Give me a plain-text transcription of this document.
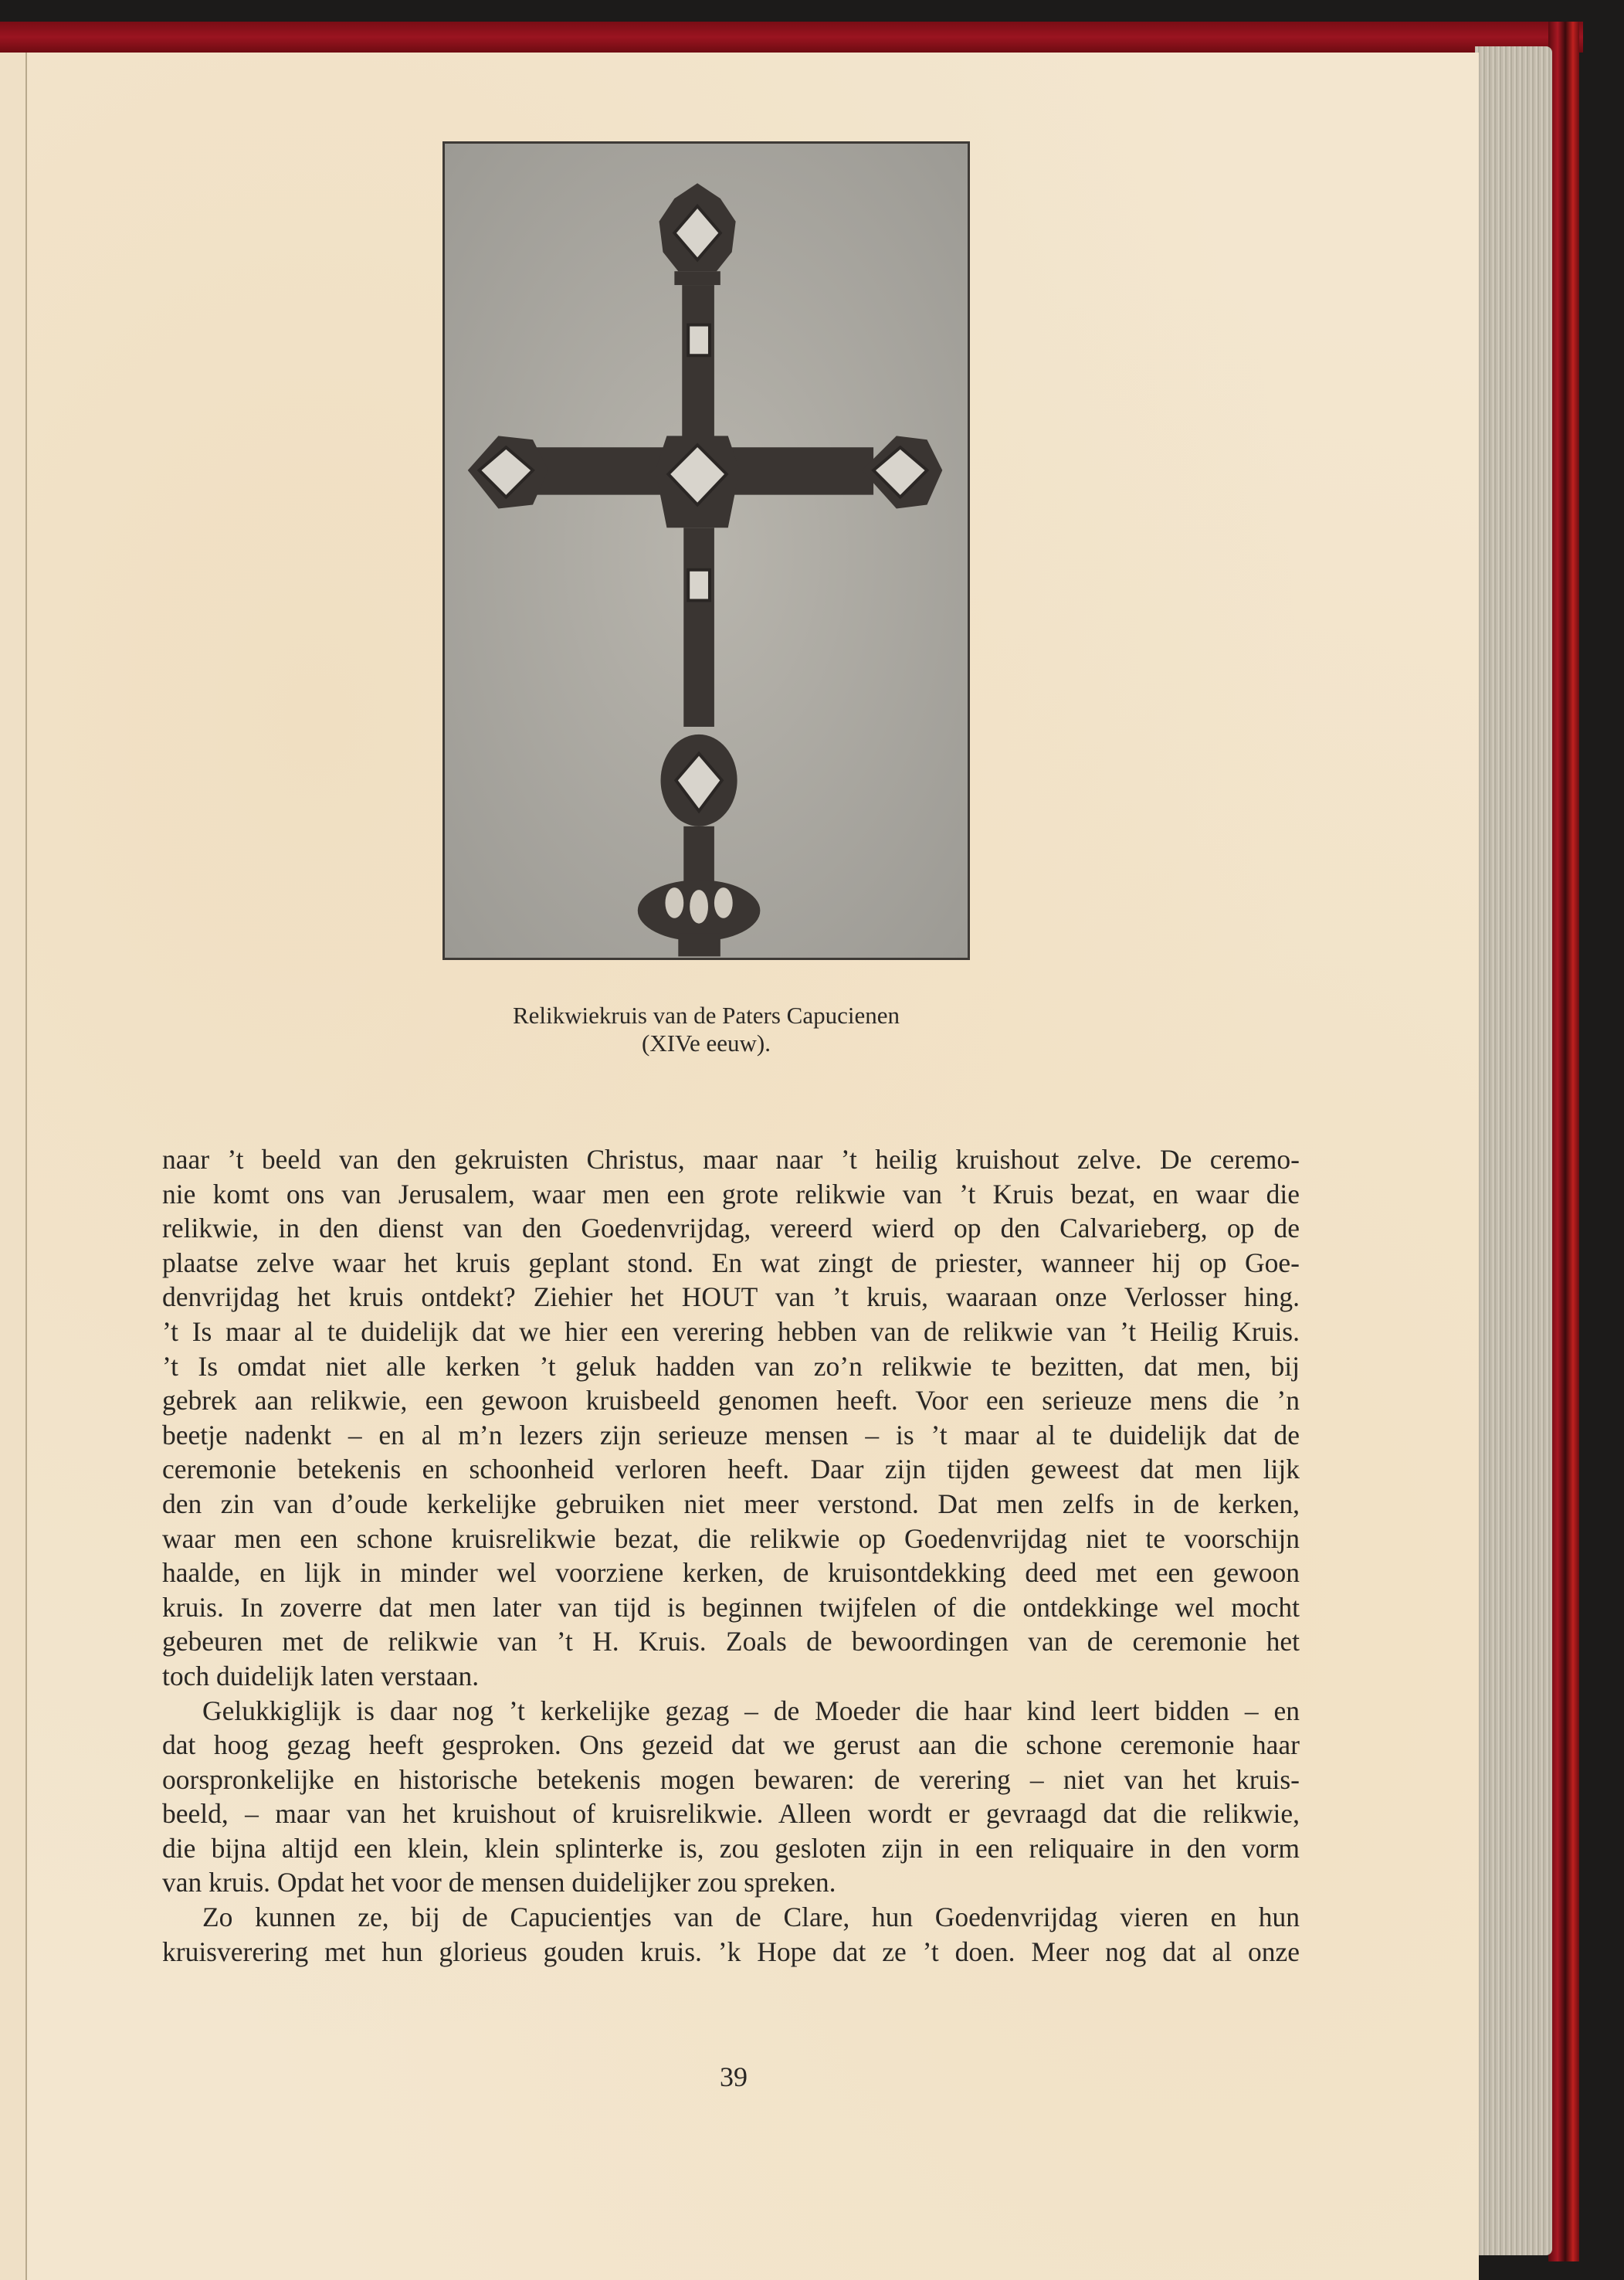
Relikwiekruis van de Paters Capucienen
(XIVe eeuw).
naar ’t beeld van den gekruisten Christus, maar naar ’t heilig kruishout zelve. De ceremo-
nie komt ons van Jerusalem, waar men een grote relikwie van ’t Kruis bezat, en waar die
relikwie, in den dienst van den Goedenvrijdag, vereerd wierd op den Calvarieberg, op de
plaatse zelve waar het kruis geplant stond. En wat zingt de priester, wanneer hij op Goe-
denvrijdag het kruis ontdekt? Ziehier het HOUT van ’t kruis, waaraan onze Verlosser hing.
’t Is maar al te duidelijk dat we hier een verering hebben van de relikwie van ’t Heilig Kruis.
’t Is omdat niet alle kerken ’t geluk hadden van zo’n relikwie te bezitten, dat men, bij
gebrek aan relikwie, een gewoon kruisbeeld genomen heeft. Voor een serieuze mens die ’n
beetje nadenkt – en al m’n lezers zijn serieuze mensen – is ’t maar al te duidelijk dat de
ceremonie betekenis en schoonheid verloren heeft. Daar zijn tijden geweest dat men lijk
den zin van d’oude kerkelijke gebruiken niet meer verstond. Dat men zelfs in de kerken,
waar men een schone kruisrelikwie bezat, die relikwie op Goedenvrijdag niet te voorschijn
haalde, en lijk in minder wel voorziene kerken, de kruisontdekking deed met een gewoon
kruis. In zoverre dat men later van tijd is beginnen twijfelen of die ontdekkinge wel mocht
gebeuren met de relikwie van ’t H. Kruis. Zoals de bewoordingen van de ceremonie het
toch duidelijk laten verstaan.
Gelukkiglijk is daar nog ’t kerkelijke gezag – de Moeder die haar kind leert bidden – en
dat hoog gezag heeft gesproken. Ons gezeid dat we gerust aan die schone ceremonie haar
oorspronkelijke en historische betekenis mogen bewaren: de verering – niet van het kruis-
beeld, – maar van het kruishout of kruisrelikwie. Alleen wordt er gevraagd dat die relikwie,
die bijna altijd een klein, klein splinterke is, zou gesloten zijn in een reliquaire in den vorm
van kruis. Opdat het voor de mensen duidelijker zou spreken.
Zo kunnen ze, bij de Capucientjes van de Clare, hun Goedenvrijdag vieren en hun
kruisverering met hun glorieus gouden kruis. ’k Hope dat ze ’t doen. Meer nog dat al onze
39
